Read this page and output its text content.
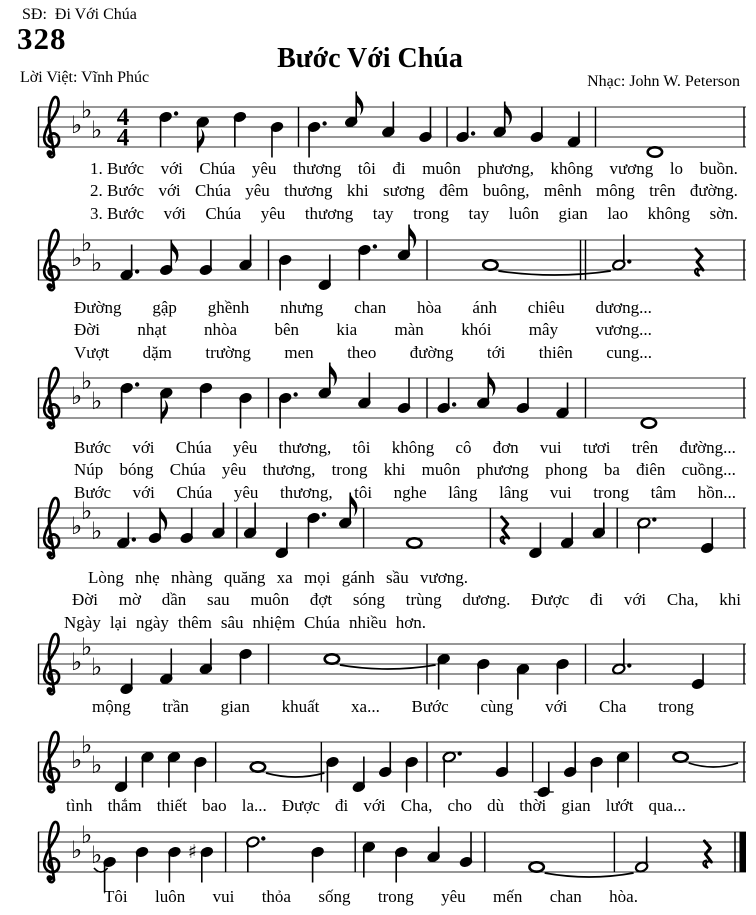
SĐ:  Đi Với Chúa
328
Bước Với Chúa
Lời Việt: Vĩnh Phúc	Nhạc: John W. Peterson
♭
♭
♭ 4
4
1. Bước với Chúa yêu thương tôi đi muôn phương, không vương lo buồn.
2. Bước với Chúa yêu thương khi sương đêm buông, mênh mông trên đường.
3. Bước với Chúa yêu thương tay trong tay luôn gian lao không sờn.
♭
♭
♭
Đường gập ghềnh nhưng chan hòa ánh chiêu dương...
Đời nhạt nhòa bên kia màn khói mây vương...
Vượt dặm trường men theo đường tới thiên cung...
♭
♭
♭
Bước với Chúa yêu thương, tôi không cô đơn vui tươi trên đường...
Núp bóng Chúa yêu thương, trong khi muôn phương phong ba điên cuồng...
Bước với Chúa yêu thương, tôi nghe lâng lâng vui trong tâm hồn...
♭
♭
♭
Lòng nhẹ nhàng quăng xa mọi gánh sầu vương.
Đời mờ dần sau muôn đợt sóng trùng dương. Được đi với Cha, khi
Ngày lại ngày thêm sâu nhiệm Chúa nhiều hơn.
♭
♭
♭
mộng trần gian khuất xa... Bước cùng với Cha trong
♭
♭
♭
tình thắm thiết bao la... Được đi với Cha, cho dù thời gian lướt qua...
♭
♭
♭	♯
Tôi luôn vui thỏa sống trong yêu mến chan hòa.
